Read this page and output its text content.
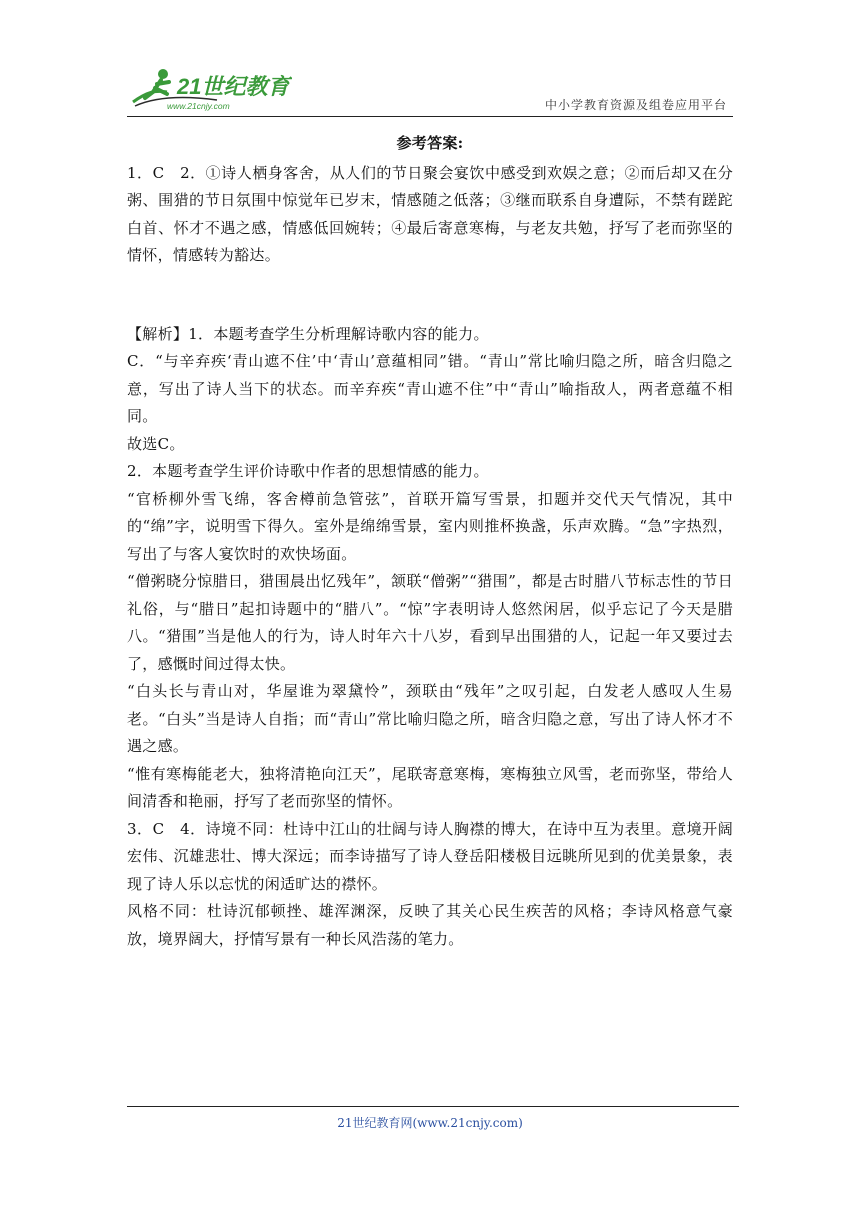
21世纪教育
www.21cnjy.com	中小学教育资源及组卷应用平台
参考答案:

1．C　2．①诗人栖身客舍，从人们的节日聚会宴饮中感受到欢娱之意；②而后却又在分粥、围猎的节日氛围中惊觉年已岁末，情感随之低落；③继而联系自身遭际，不禁有蹉跎白首、怀才不遇之感，情感低回婉转；④最后寄意寒梅，与老友共勉，抒写了老而弥坚的情怀，情感转为豁达。

【解析】1．本题考查学生分析理解诗歌内容的能力。

C．“与辛弃疾‘青山遮不住’中‘青山’意蕴相同”错。“青山”常比喻归隐之所，暗含归隐之意，写出了诗人当下的状态。而辛弃疾“青山遮不住”中“青山”喻指敌人，两者意蕴不相同。

故选C。

2．本题考查学生评价诗歌中作者的思想情感的能力。

“官桥柳外雪飞绵，客舍樽前急管弦”，首联开篇写雪景，扣题并交代天气情况，其中的“绵”字，说明雪下得久。室外是绵绵雪景，室内则推杯换盏，乐声欢腾。“急”字热烈，写出了与客人宴饮时的欢快场面。

“僧粥晓分惊腊日，猎围晨出忆残年”，颔联“僧粥”“猎围”，都是古时腊八节标志性的节日礼俗，与“腊日”起扣诗题中的“腊八”。“惊”字表明诗人悠然闲居，似乎忘记了今天是腊八。“猎围”当是他人的行为，诗人时年六十八岁，看到早出围猎的人，记起一年又要过去了，感慨时间过得太快。

“白头长与青山对，华屋谁为翠黛怜”，颈联由“残年”之叹引起，白发老人感叹人生易老。“白头”当是诗人自指；而“青山”常比喻归隐之所，暗含归隐之意，写出了诗人怀才不遇之感。

“惟有寒梅能老大，独将清艳向江天”，尾联寄意寒梅，寒梅独立风雪，老而弥坚，带给人间清香和艳丽，抒写了老而弥坚的情怀。

3．C　4．诗境不同：杜诗中江山的壮阔与诗人胸襟的博大，在诗中互为表里。意境开阔宏伟、沉雄悲壮、博大深远；而李诗描写了诗人登岳阳楼极目远眺所见到的优美景象，表现了诗人乐以忘忧的闲适旷达的襟怀。

风格不同：杜诗沉郁顿挫、雄浑渊深，反映了其关心民生疾苦的风格；李诗风格意气豪放，境界阔大，抒情写景有一种长风浩荡的笔力。

21世纪教育网(www.21cnjy.com)
